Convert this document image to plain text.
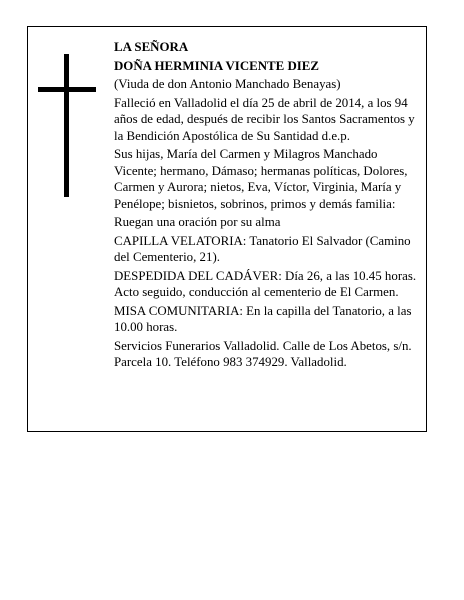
LA SEÑORA

DOÑA HERMINIA VICENTE DIEZ

(Viuda de don Antonio Manchado Benayas)

Falleció en Valladolid el día 25 de abril de 2014, a los 94 años de edad, después de recibir los Santos Sacramentos y la Bendición Apostólica de Su Santidad d.e.p.

Sus hijas, María del Carmen y Milagros Manchado Vicente; hermano, Dámaso; hermanas políticas, Dolores, Carmen y Aurora; nietos, Eva, Víctor, Virginia, María y Penélope; bisnietos, sobrinos, primos y demás familia:

Ruegan una oración por su alma

CAPILLA VELATORIA: Tanatorio El Salvador (Camino del Cementerio, 21).

DESPEDIDA DEL CADÁVER: Día 26, a las 10.45 horas. Acto seguido, conducción al cementerio de El Carmen.

MISA COMUNITARIA: En la capilla del Tanatorio, a las 10.00 horas.

Servicios Funerarios Valladolid. Calle de Los Abetos, s/n. Parcela 10. Teléfono 983 374929. Valladolid.
